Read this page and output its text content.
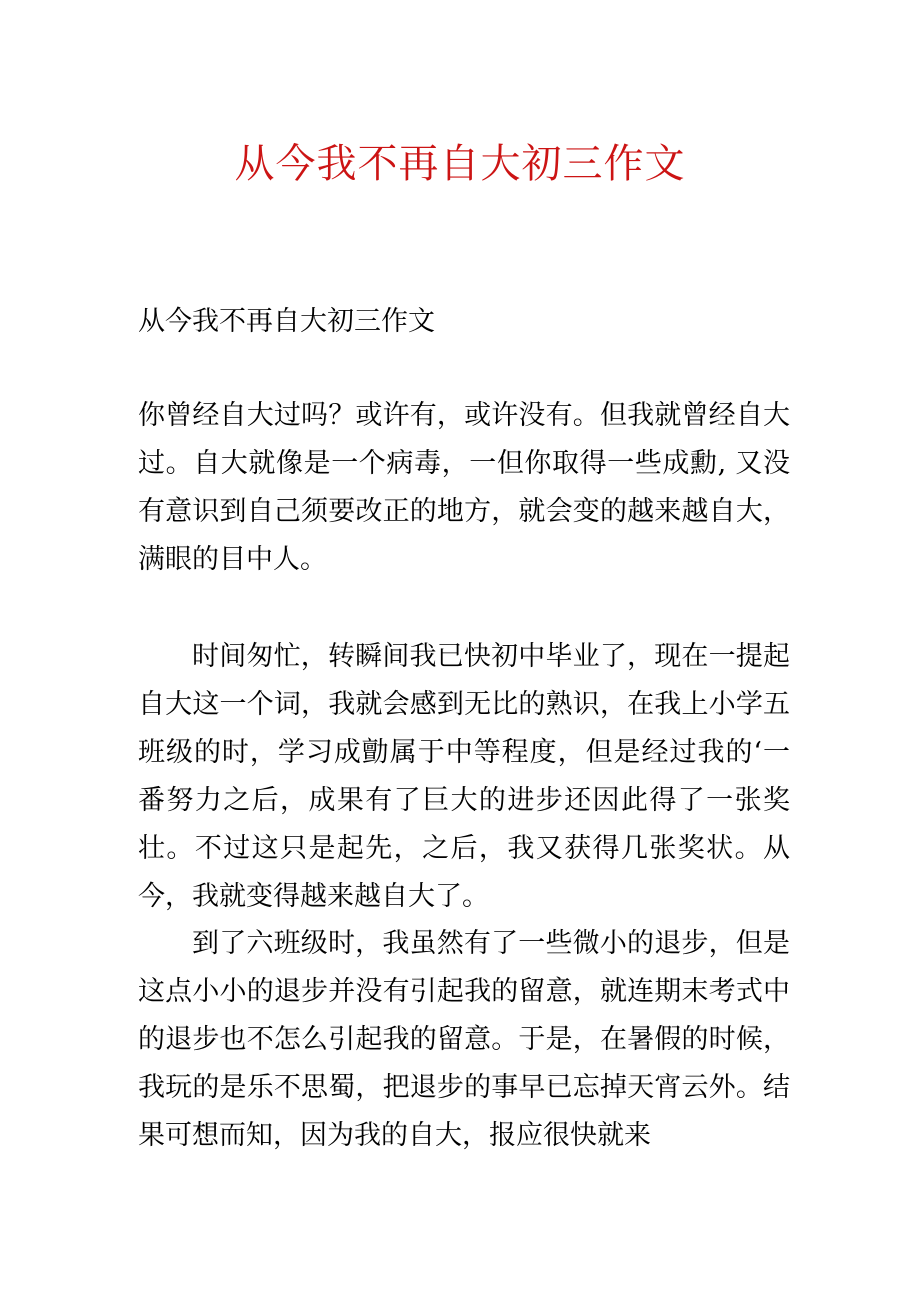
从今我不再自大初三作文

从今我不再自大初三作文

你曾经自大过吗？或许有，或许没有。但我就曾经自大过。自大就像是一个病毒，一但你取得一些成勳, 又没有意识到自己须要改正的地方，就会变的越来越自大，满眼的目中人。

时间匆忙，转瞬间我已快初中毕业了，现在一提起自大这一个词，我就会感到无比的熟识，在我上小学五班级的时，学习成勯属于中等程度，但是经过我的‘一番努力之后，成果有了巨大的进步还因此得了一张奖壮。不过这只是起先，之后，我又获得几张奖状。从今，我就变得越来越自大了。

到了六班级时，我虽然有了一些微小的退步，但是这点小小的退步并没有引起我的留意，就连期末考式中的退步也不怎么引起我的留意。于是，在暑假的时候，我玩的是乐不思蜀，把退步的事早已忘掉天宵云外。结果可想而知，因为我的自大，报应很快就来
